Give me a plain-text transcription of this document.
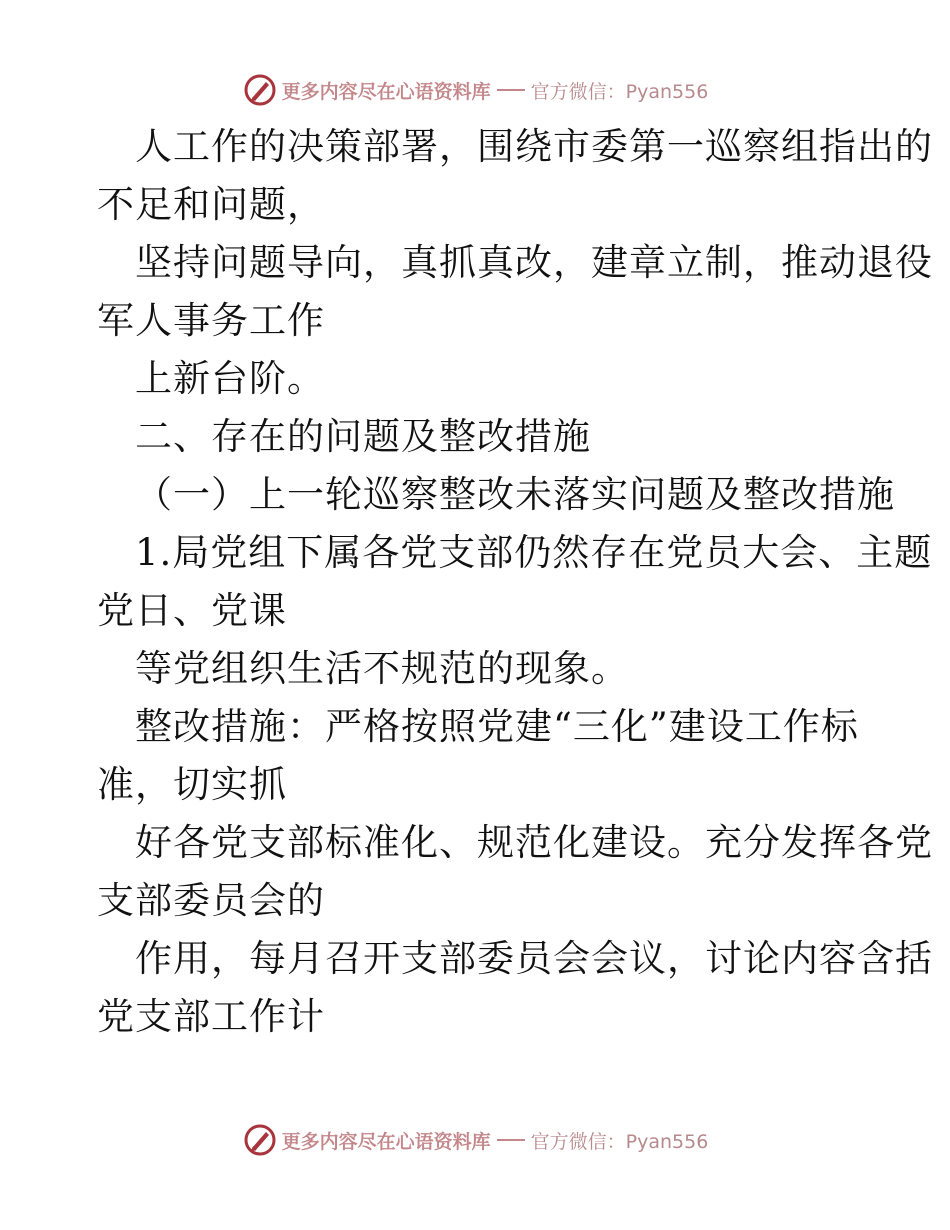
更多内容尽在心语资料库 官方微信：Pyan556
人工作的决策部署，围绕市委第一巡察组指出的
不足和问题，
坚持问题导向，真抓真改，建章立制，推动退役
军人事务工作
上新台阶。
二、存在的问题及整改措施
（一）上一轮巡察整改未落实问题及整改措施
1.局党组下属各党支部仍然存在党员大会、主题
党日、党课
等党组织生活不规范的现象。
整改措施：严格按照党建“三化”建设工作标
准，切实抓
好各党支部标准化、规范化建设。充分发挥各党
支部委员会的
作用，每月召开支部委员会会议，讨论内容含括
党支部工作计
更多内容尽在心语资料库 官方微信：Pyan556
